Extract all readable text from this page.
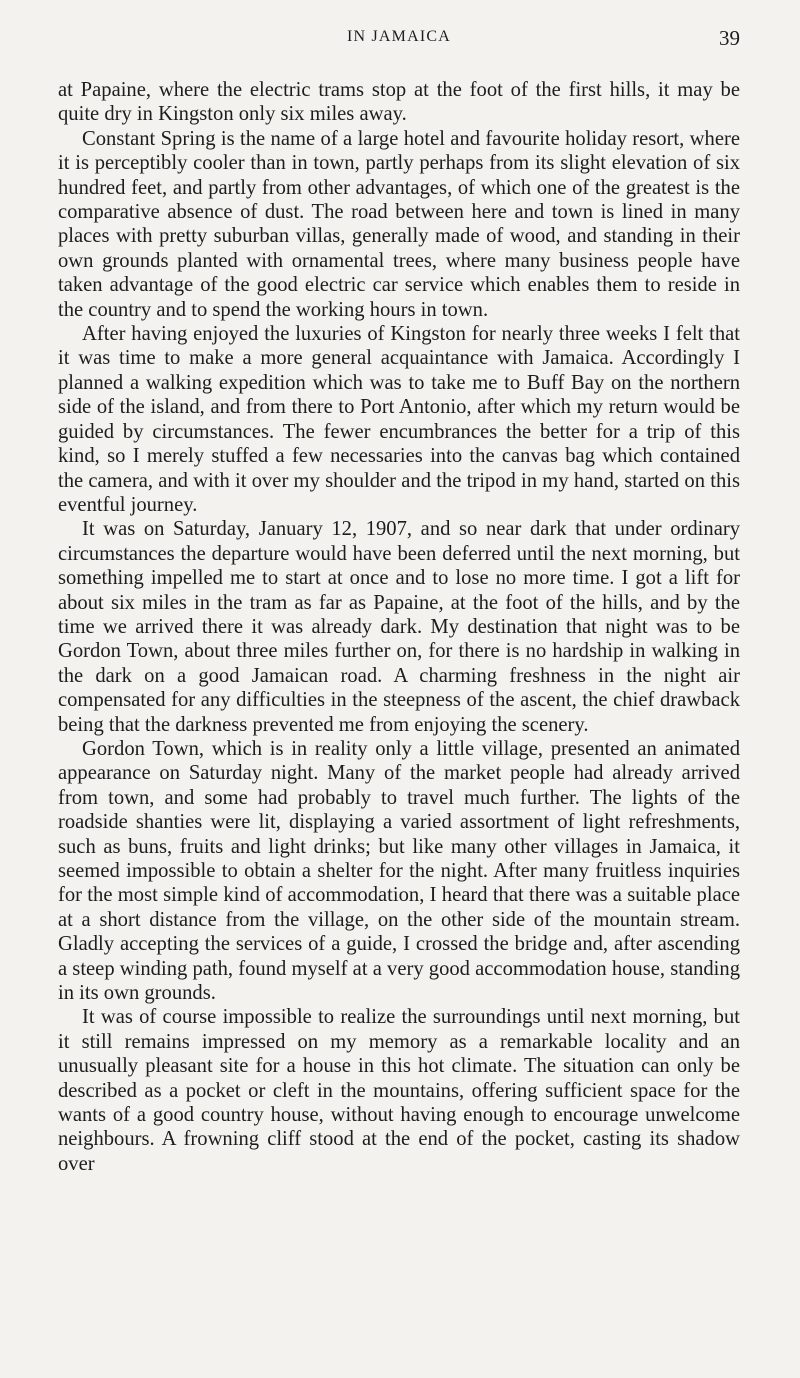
IN JAMAICA	39

at Papaine, where the electric trams stop at the foot of the first hills, it may be quite dry in Kingston only six miles away.

Constant Spring is the name of a large hotel and favourite holiday resort, where it is perceptibly cooler than in town, partly perhaps from its slight elevation of six hundred feet, and partly from other advantages, of which one of the greatest is the comparative absence of dust. The road between here and town is lined in many places with pretty suburban villas, generally made of wood, and standing in their own grounds planted with ornamental trees, where many business people have taken advantage of the good electric car service which enables them to reside in the country and to spend the working hours in town.

After having enjoyed the luxuries of Kingston for nearly three weeks I felt that it was time to make a more general acquaintance with Jamaica. Accordingly I planned a walking expedition which was to take me to Buff Bay on the northern side of the island, and from there to Port Antonio, after which my return would be guided by circumstances. The fewer encumbrances the better for a trip of this kind, so I merely stuffed a few necessaries into the canvas bag which contained the camera, and with it over my shoulder and the tripod in my hand, started on this eventful journey.

It was on Saturday, January 12, 1907, and so near dark that under ordinary circumstances the departure would have been deferred until the next morning, but something impelled me to start at once and to lose no more time. I got a lift for about six miles in the tram as far as Papaine, at the foot of the hills, and by the time we arrived there it was already dark. My destination that night was to be Gordon Town, about three miles further on, for there is no hardship in walking in the dark on a good Jamaican road. A charming freshness in the night air compensated for any difficulties in the steepness of the ascent, the chief drawback being that the darkness prevented me from enjoying the scenery.

Gordon Town, which is in reality only a little village, presented an animated appearance on Saturday night. Many of the market people had already arrived from town, and some had probably to travel much further. The lights of the roadside shanties were lit, displaying a varied assortment of light refreshments, such as buns, fruits and light drinks; but like many other villages in Jamaica, it seemed impossible to obtain a shelter for the night. After many fruitless inquiries for the most simple kind of accommodation, I heard that there was a suitable place at a short distance from the village, on the other side of the mountain stream. Gladly accepting the services of a guide, I crossed the bridge and, after ascending a steep winding path, found myself at a very good accommodation house, standing in its own grounds.

It was of course impossible to realize the surroundings until next morning, but it still remains impressed on my memory as a remarkable locality and an unusually pleasant site for a house in this hot climate. The situation can only be described as a pocket or cleft in the mountains, offering sufficient space for the wants of a good country house, without having enough to encourage unwelcome neighbours. A frowning cliff stood at the end of the pocket, casting its shadow over
